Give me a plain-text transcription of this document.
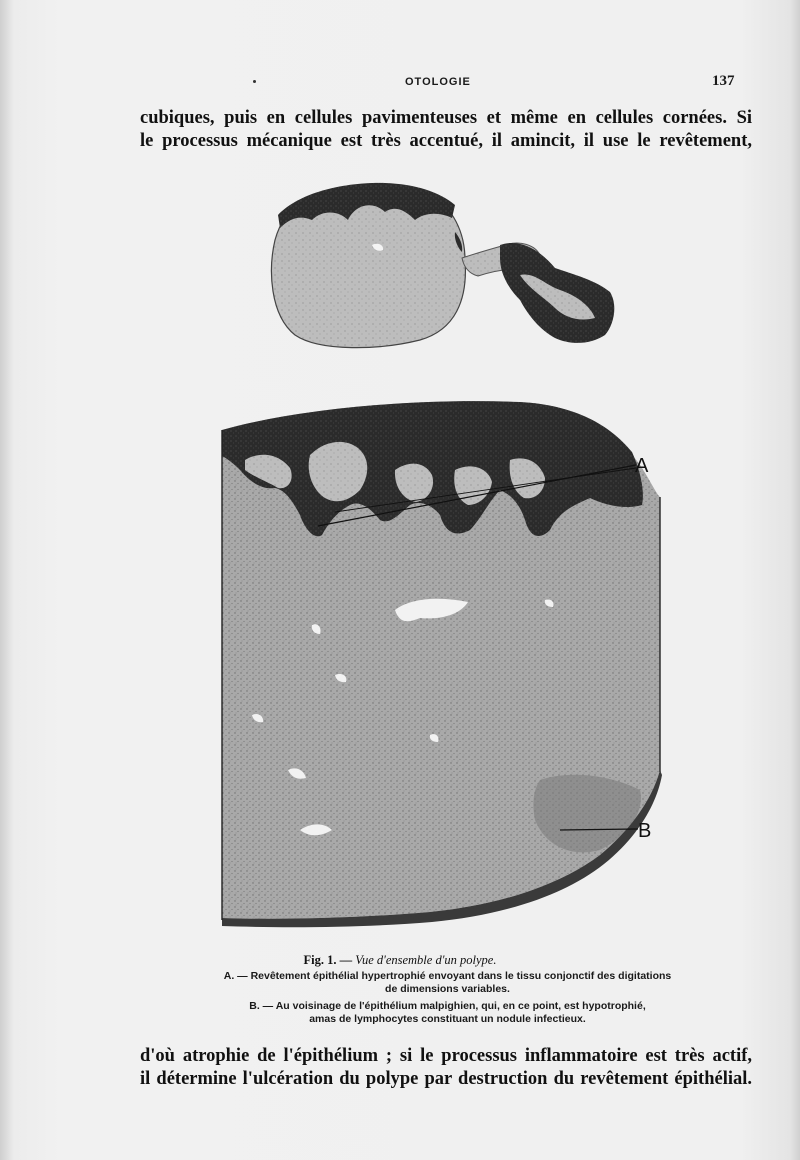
OTOLOGIE	137
cubiques, puis en cellules pavimenteuses et même en cellules cornées. Si
le processus mécanique est très accentué, il amincit, il use le revêtement,
A
B
Fig. 1. — Vue d'ensemble d'un polype.
A. — Revêtement épithélial hypertrophié envoyant dans le tissu conjonctif des digitations
de dimensions variables.
B. — Au voisinage de l'épithélium malpighien, qui, en ce point, est hypotrophié,
amas de lymphocytes constituant un nodule infectieux.
d'où atrophie de l'épithélium ; si le processus inflammatoire est très actif,
il détermine l'ulcération du polype par destruction du revêtement épithélial.
